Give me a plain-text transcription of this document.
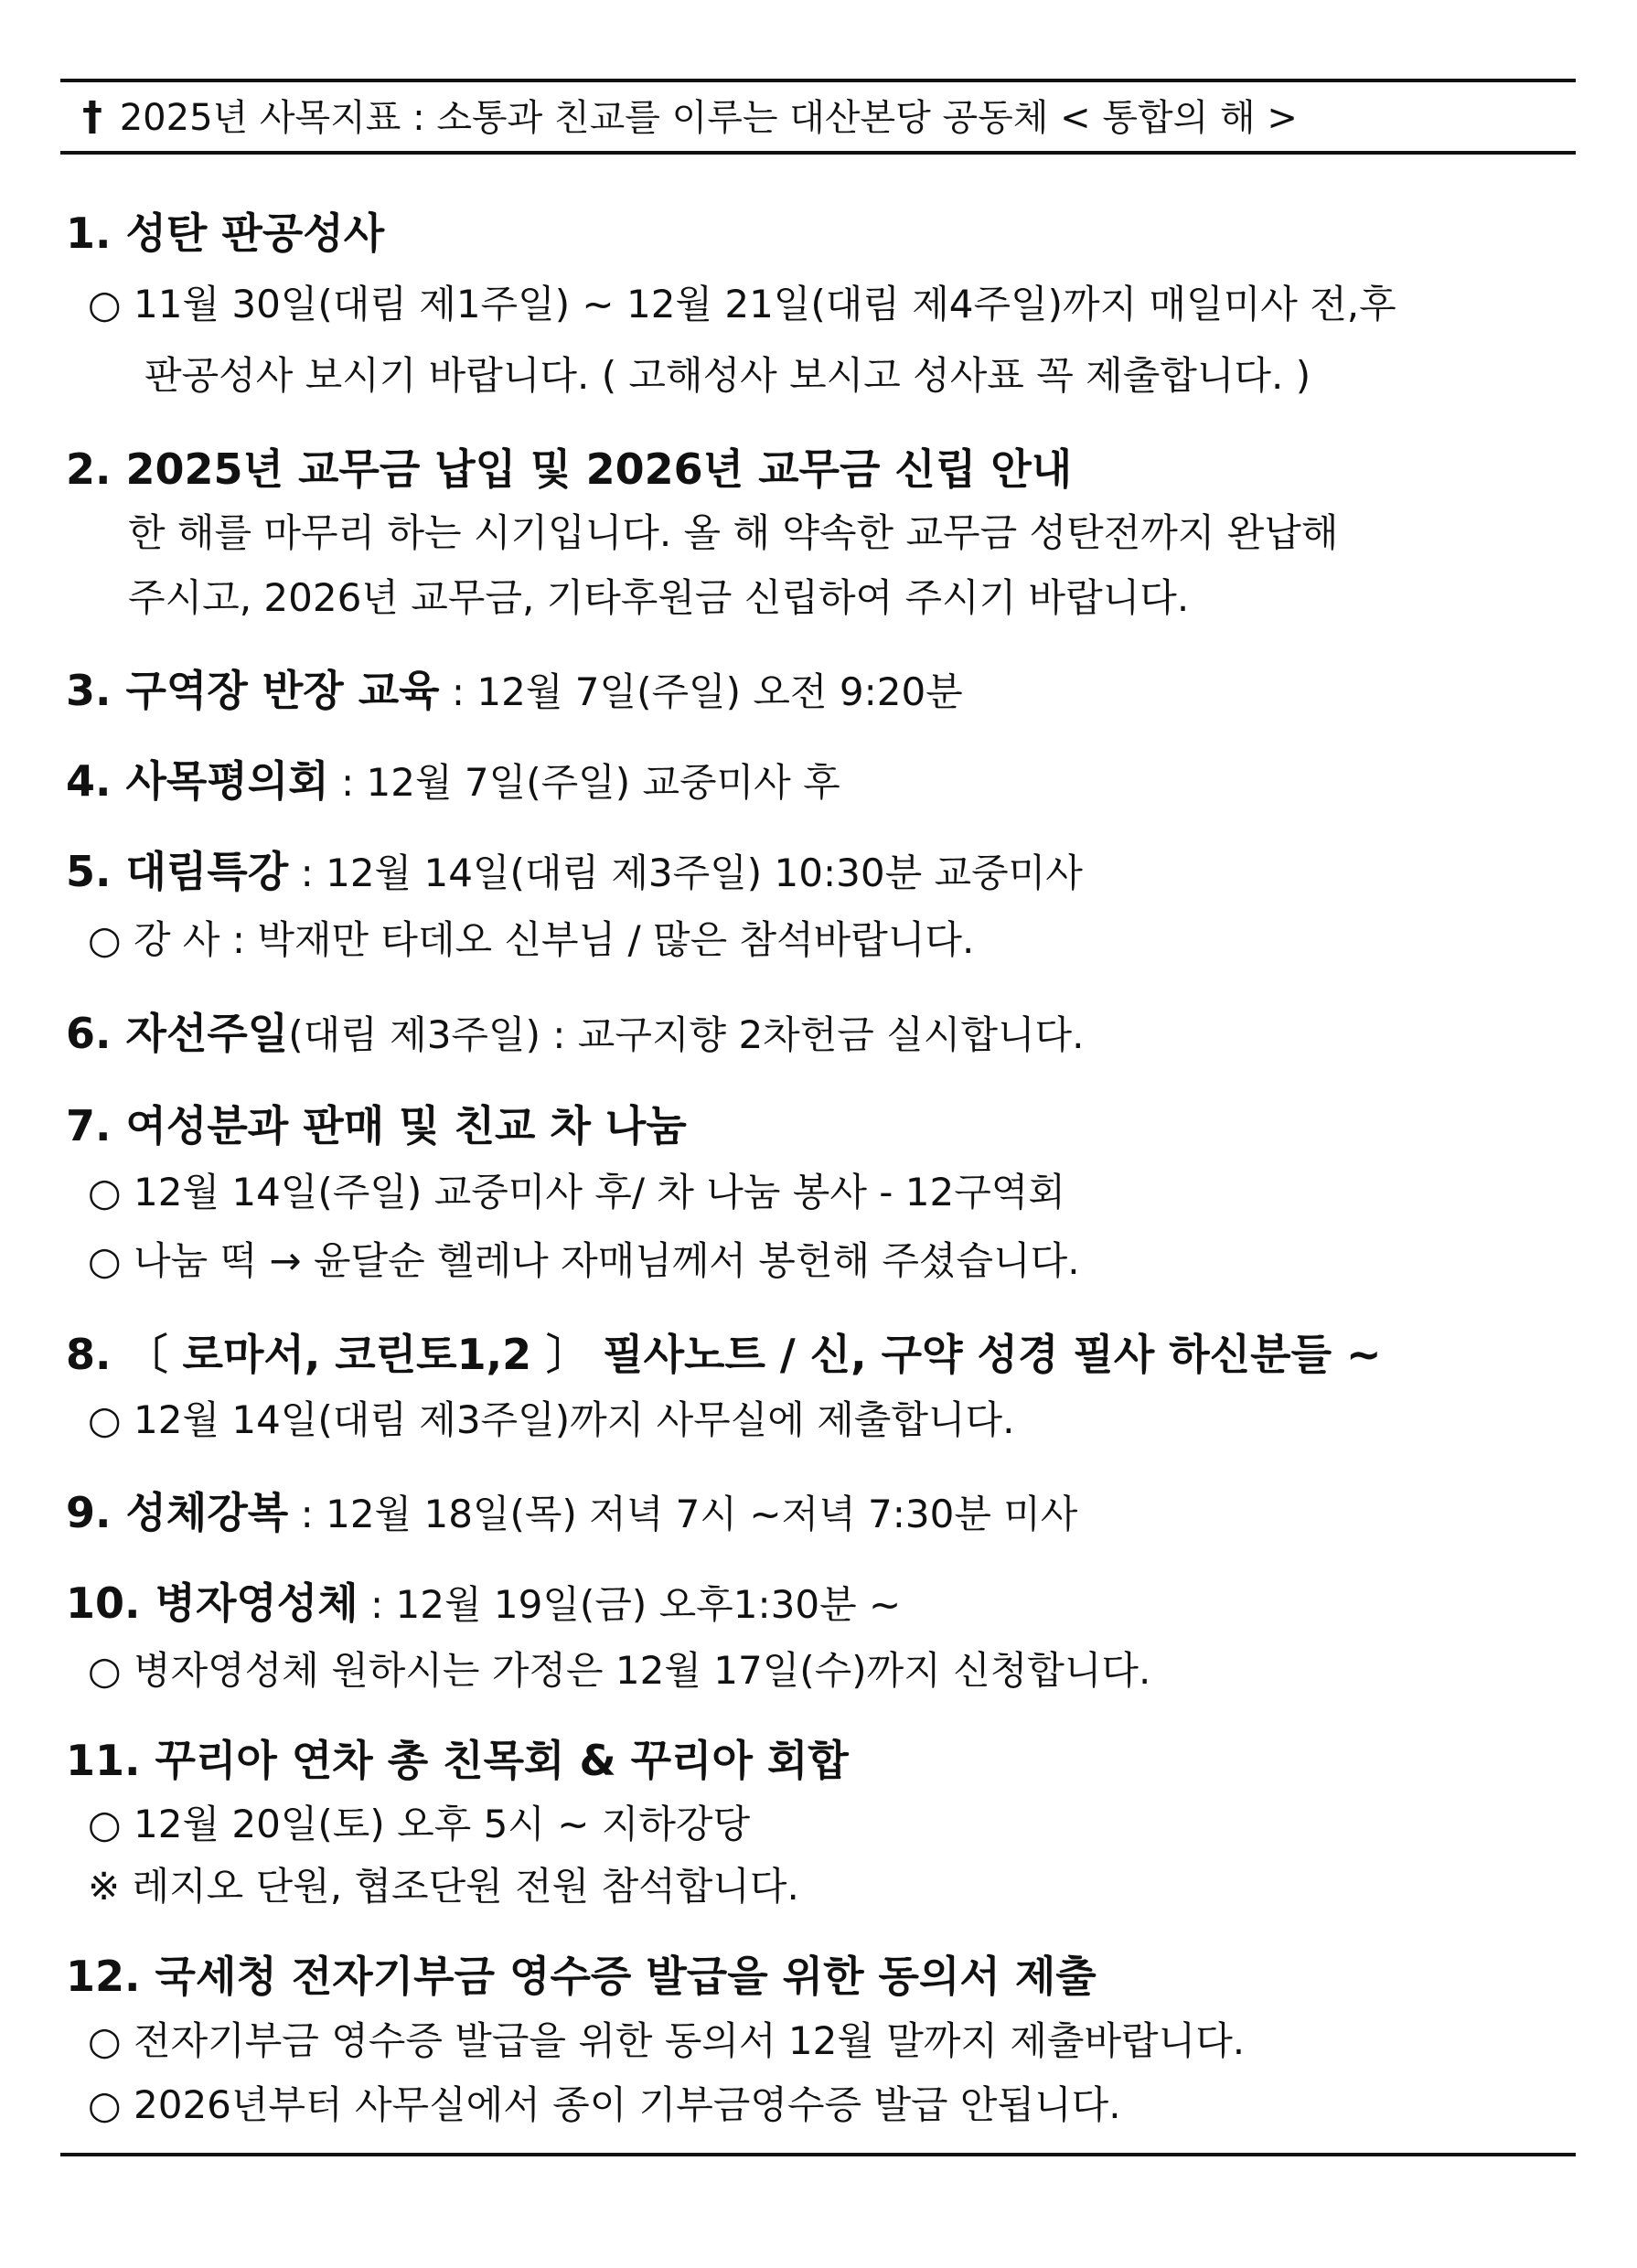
† 2025년 사목지표 : 소통과 친교를 이루는 대산본당 공동체 < 통합의 해 >
1. 성탄 판공성사
○ 11월 30일(대림 제1주일) ~ 12월 21일(대림 제4주일)까지 매일미사 전,후
판공성사 보시기 바랍니다. ( 고해성사 보시고 성사표 꼭 제출합니다. )
2. 2025년 교무금 납입 및 2026년 교무금 신립 안내
한 해를 마무리 하는 시기입니다. 올 해 약속한 교무금 성탄전까지 완납해
주시고, 2026년 교무금, 기타후원금 신립하여 주시기 바랍니다.
3. 구역장 반장 교육 : 12월 7일(주일) 오전 9:20분
4. 사목평의회 : 12월 7일(주일) 교중미사 후
5. 대림특강 : 12월 14일(대림 제3주일) 10:30분 교중미사
○ 강 사 : 박재만 타데오 신부님 / 많은 참석바랍니다.
6. 자선주일(대림 제3주일) : 교구지향 2차헌금 실시합니다.
7. 여성분과 판매 및 친교 차 나눔
○ 12월 14일(주일) 교중미사 후/ 차 나눔 봉사 - 12구역회
○ 나눔 떡 → 윤달순 헬레나 자매님께서 봉헌해 주셨습니다.
8. 〔 로마서, 코린토1,2 〕 필사노트 / 신, 구약 성경 필사 하신분들 ~
○ 12월 14일(대림 제3주일)까지 사무실에 제출합니다.
9. 성체강복 : 12월 18일(목) 저녁 7시 ~저녁 7:30분 미사
10. 병자영성체 : 12월 19일(금) 오후1:30분 ~
○ 병자영성체 원하시는 가정은 12월 17일(수)까지 신청합니다.
11. 꾸리아 연차 총 친목회 & 꾸리아 회합
○ 12월 20일(토) 오후 5시 ~ 지하강당
※ 레지오 단원, 협조단원 전원 참석합니다.
12. 국세청 전자기부금 영수증 발급을 위한 동의서 제출
○ 전자기부금 영수증 발급을 위한 동의서 12월 말까지 제출바랍니다.
○ 2026년부터 사무실에서 종이 기부금영수증 발급 안됩니다.
